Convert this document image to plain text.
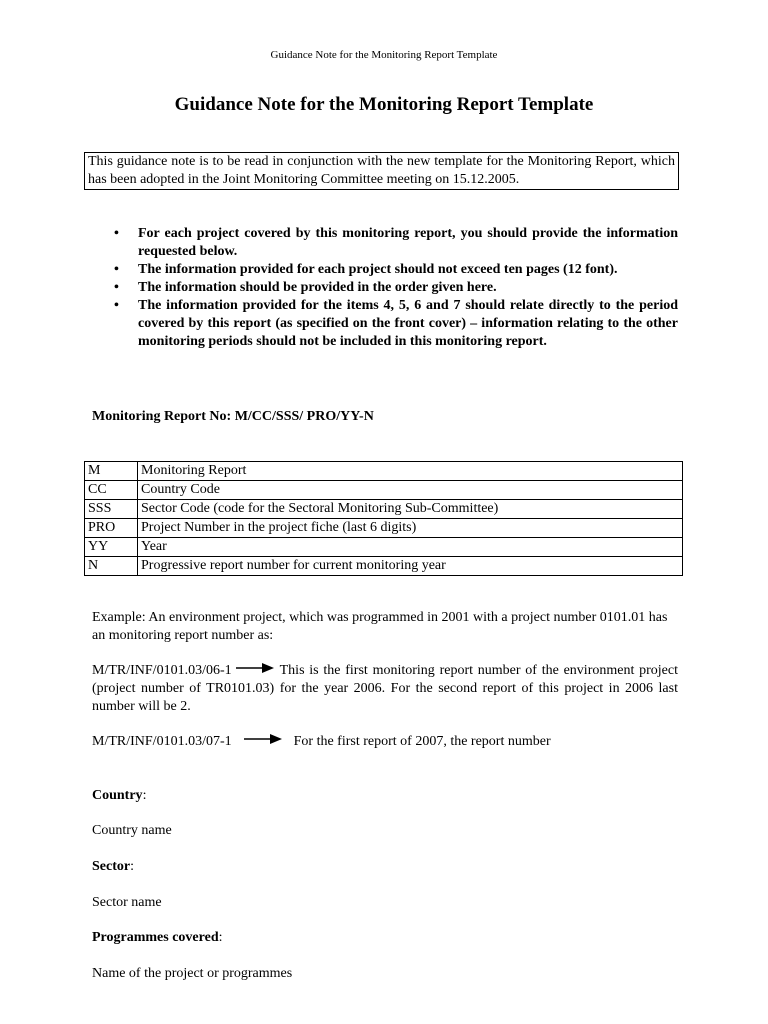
Guidance Note for the Monitoring Report Template
Guidance Note for the Monitoring Report Template
This guidance note is to be read in conjunction with the new template for the Monitoring Report, which has been adopted in the Joint Monitoring Committee meeting on 15.12.2005.
• For each project covered by this monitoring report, you should provide the information requested below.
• The information provided for each project should not exceed ten pages (12 font).
• The information should be provided in the order given here.
• The information provided for the items 4, 5, 6 and 7 should relate directly to the period covered by this report (as specified on the front cover) – information relating to the other monitoring periods should not be included in this monitoring report.
Monitoring Report No: M/CC/SSS/ PRO/YY-N
M	Monitoring Report
CC	Country Code
SSS	Sector Code (code for the Sectoral Monitoring Sub-Committee)
PRO	Project Number in the project fiche (last 6 digits)
YY	Year
N	Progressive report number for current monitoring year
Example: An environment project, which was programmed in 2001 with a project number 0101.01 has an monitoring report number as:
M/TR/INF/0101.03/06-1	This is the first monitoring report number of the environment project (project number of TR0101.03) for the year 2006. For the second report of this project in 2006 last number will be 2.
M/TR/INF/0101.03/07-1	For the first report of 2007, the report number
Country:
Country name
Sector:
Sector name
Programmes covered:
Name of the project or programmes
